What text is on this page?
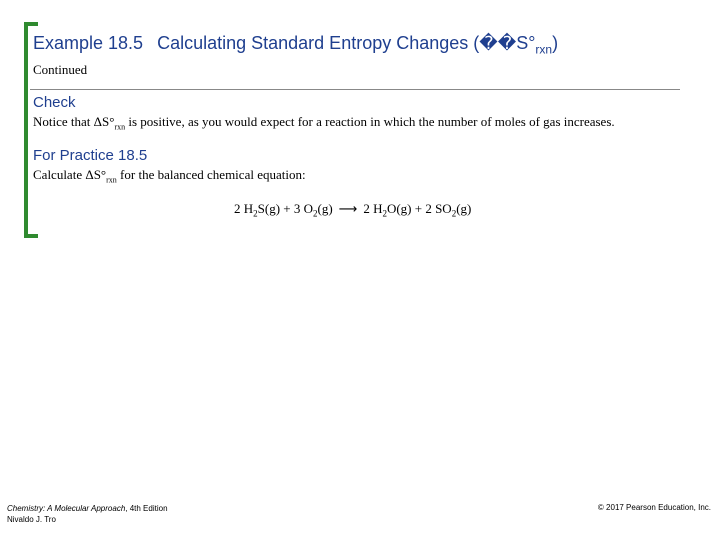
Example 18.5 Calculating Standard Entropy Changes $(��S^\circ_{rxn})$
Continued
Check
Notice that $\Delta S^\circ_{rxn}$ is positive, as you would expect for a reaction in which the number of moles of gas increases.
For Practice 18.5
Calculate $\Delta S^\circ_{rxn}$ for the balanced chemical equation:
2 $H_2S(g) + 3$ $O_2(g)$ ⟶ 2 $H_2O(g) + 2$ $SO_2(g)$
Chemistry: A Molecular Approach, 4th Edition
Nivaldo J. Tro
© 2017 Pearson Education, Inc.
